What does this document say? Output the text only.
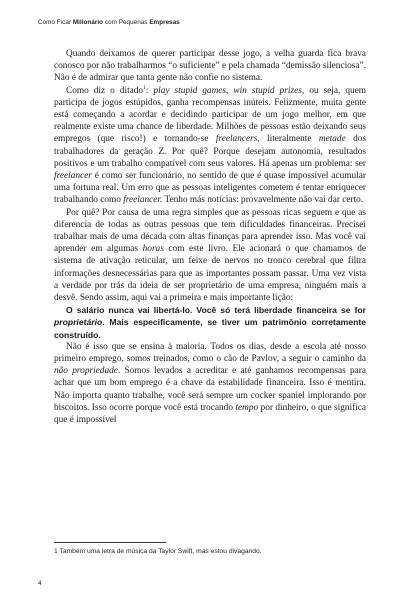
Como Ficar Milionário com Pequenas Empresas

Quando deixamos de querer participar desse jogo, a velha guarda fica brava conosco por não trabalharmos “o suficiente” e pela chamada “demissão silenciosa”. Não é de admirar que tanta gente não confie no sistema.

Como diz o ditado$^1$: play stupid games, win stupid prizes, ou seja, quem participa de jogos estúpidos, ganha recompensas inúteis. Felizmente, muita gente está começando a acordar e decidindo participar de um jogo melhor, em que realmente existe uma chance de liberdade. Milhões de pessoas estão deixando seus empregos (que risco!) e tornando-se freelancers, literalmente metade dos trabalhadores da geração Z. Por quê? Porque desejam autonomia, resultados positivos e um trabalho compatível com seus valores. Há apenas um problema: ser freelancer é como ser funcionário, no sentido de que é quase impossível acumular uma fortuna real. Um erro que as pessoas inteligentes cometem é tentar enriquecer trabalhando como freelancer. Tenho más notícias: provavelmente não vai dar certo.

Por quê? Por causa de uma regra simples que as pessoas ricas seguem e que as diferencia de todas as outras pessoas que tem dificuldades financeiras. Precisei trabalhar mais de uma década com altas finanças para aprender isso. Mas você vai aprender em algumas horas com este livro. Ele acionará o que chamamos de sistema de ativação reticular, um feixe de nervos no tronco cerebral que filtra informações desnecessárias para que as importantes possam passar. Uma vez vista a verdade por trás da ideia de ser proprietário de uma empresa, ninguém mais a desvê. Sendo assim, aqui vai a primeira e mais importante lição:

O salário nunca vai libertá-lo. Você só terá liberdade financeira se for proprietário. Mais especificamente, se tiver um patrimônio corretamente construído.

Não é isso que se ensina à maioria. Todos os dias, desde a escola até nosso primeiro emprego, somos treinados, como o cão de Pavlov, a seguir o caminho da não propriedade. Somos levados a acreditar e até ganhamos recompensas para achar que um bom emprego é a chave da estabilidade financeira. Isso é mentira. Não importa quanto trabalhe, você será sempre um cocker spaniel implorando por biscoitos. Isso ocorre porque você está trocando tempo por dinheiro, o que significa que é impossível

1 Também uma letra de música da Taylor Swift, mas estou divagando.
4
